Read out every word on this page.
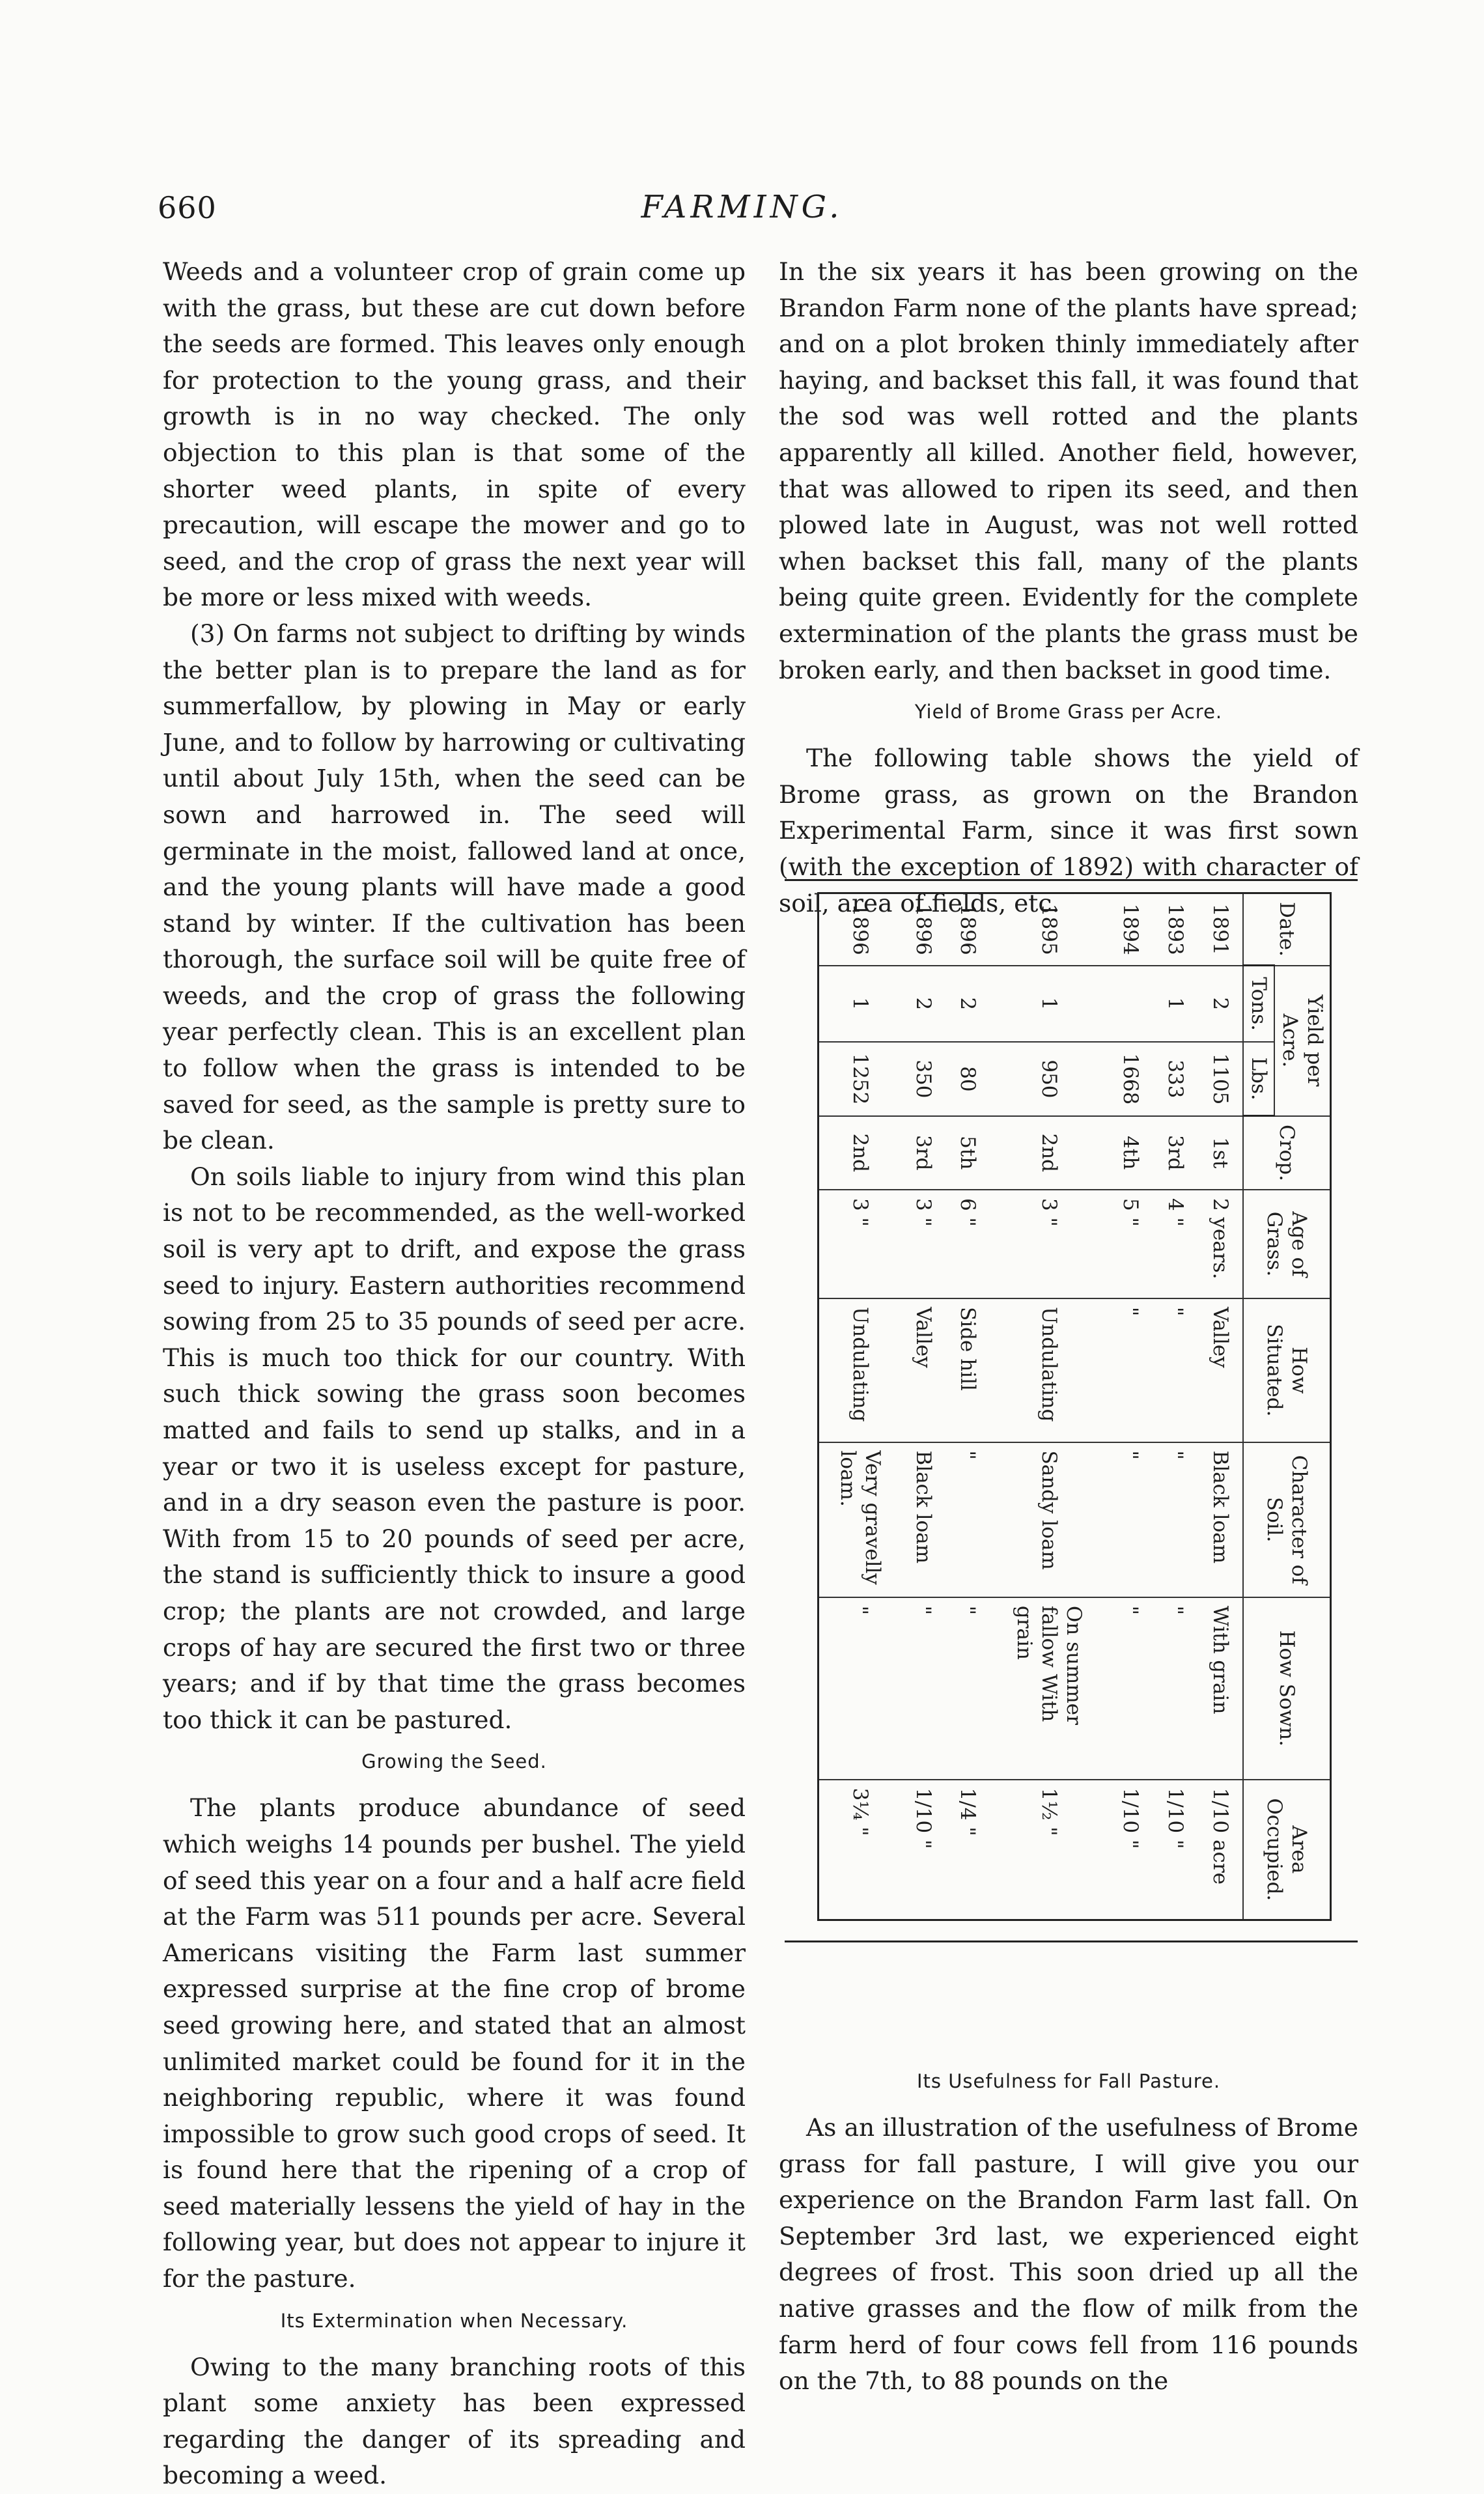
660	FARMING.

Weeds and a volunteer crop of grain come up with the grass, but these are cut down before the seeds are formed. This leaves only enough for protection to the young grass, and their growth is in no way checked. The only objection to this plan is that some of the shorter weed plants, in spite of every precaution, will escape the mower and go to seed, and the crop of grass the next year will be more or less mixed with weeds.

(3) On farms not subject to drifting by winds the better plan is to prepare the land as for summerfallow, by plowing in May or early June, and to follow by harrowing or cultivating until about July 15th, when the seed can be sown and harrowed in. The seed will germinate in the moist, fallowed land at once, and the young plants will have made a good stand by winter. If the cultivation has been thorough, the surface soil will be quite free of weeds, and the crop of grass the following year perfectly clean. This is an excellent plan to follow when the grass is intended to be saved for seed, as the sample is pretty sure to be clean.

On soils liable to injury from wind this plan is not to be recommended, as the well-worked soil is very apt to drift, and expose the grass seed to injury. Eastern authorities recommend sowing from 25 to 35 pounds of seed per acre. This is much too thick for our country. With such thick sowing the grass soon becomes matted and fails to send up stalks, and in a year or two it is useless except for pasture, and in a dry season even the pasture is poor. With from 15 to 20 pounds of seed per acre, the stand is sufficiently thick to insure a good crop; the plants are not crowded, and large crops of hay are secured the first two or three years; and if by that time the grass becomes too thick it can be pastured.

Growing the Seed.

The plants produce abundance of seed which weighs 14 pounds per bushel. The yield of seed this year on a four and a half acre field at the Farm was 511 pounds per acre. Several Americans visiting the Farm last summer expressed surprise at the fine crop of brome seed growing here, and stated that an almost unlimited market could be found for it in the neighboring republic, where it was found impossible to grow such good crops of seed. It is found here that the ripening of a crop of seed materially lessens the yield of hay in the following year, but does not appear to injure it for the pasture.

Its Extermination when Necessary.

Owing to the many branching roots of this plant some anxiety has been expressed regarding the danger of its spreading and becoming a weed.

In the six years it has been growing on the Brandon Farm none of the plants have spread; and on a plot broken thinly immediately after haying, and backset this fall, it was found that the sod was well rotted and the plants apparently all killed. Another field, however, that was allowed to ripen its seed, and then plowed late in August, was not well rotted when backset this fall, many of the plants being quite green. Evidently for the complete extermination of the plants the grass must be broken early, and then backset in good time.

Yield of Brome Grass per Acre.

The following table shows the yield of Brome grass, as grown on the Brandon Experimental Farm, since it was first sown (with the exception of 1892) with character of soil, area of fields, etc.

Its Usefulness for Fall Pasture.

As an illustration of the usefulness of Brome grass for fall pasture, I will give you our experience on the Brandon Farm last fall. On September 3rd last, we experienced eight degrees of frost. This soon dried up all the native grasses and the flow of milk from the farm herd of four cows fell from 116 pounds on the 7th, to 88 pounds on the

Date.	Yield per Acre.		Crop.	Age of Grass.	How Situated.	Character of Soil.	How Sown.	Area Occupied.
	Tons.	Lbs.						
1891	2	1105	1st	2 years.	Valley	Black loam	With grain	1/10 acre
1893	1	333	3rd	4 "	"	"	"	1/10 "
1894		1668	4th	5 "	"	"	"	1/10 "
1895	1	950	2nd	3 "	Undulating	Sandy loam	On summer fallow With grain	1½ "
1896	2	80	5th	6 "	Side hill	"	"	1/4 "
1896	2	350	3rd	3 "	Valley	Black loam	"	1/10 "
1896	1	1252	2nd	3 "	Undulating	Very gravelly loam.	"	3¼ "
